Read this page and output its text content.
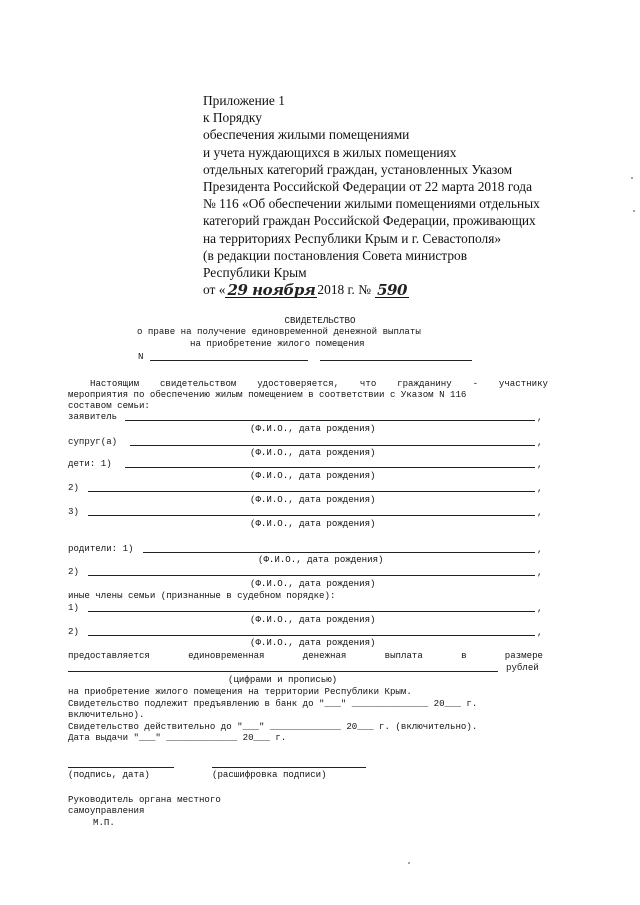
Приложение 1
к Порядку
обеспечения жилыми помещениями
и учета нуждающихся в жилых помещениях
отдельных категорий граждан, установленных Указом
Президента Российской Федерации от 22 марта 2018 года
№ 116 «Об обеспечении жилыми помещениями отдельных
категорий граждан Российской Федерации, проживающих
на территориях Республики Крым и г. Севастополя»
(в редакции постановления Совета министров
Республики Крым
от « 29 ноября 2018 г. № 590
СВИДЕТЕЛЬСТВО
о праве на получение единовременной денежной выплаты
на приобретение жилого помещения
N
Настоящим свидетельством удостоверяется, что гражданину - участнику
мероприятия по обеспечению жилым помещением в соответствии с Указом N 116
составом семьи:
заявитель	,
(Ф.И.О., дата рождения)
супруг(а)	,
(Ф.И.О., дата рождения)
дети: 1)	,
(Ф.И.О., дата рождения)
2)	,
(Ф.И.О., дата рождения)
3)	,
(Ф.И.О., дата рождения)
родители: 1)	,
(Ф.И.О., дата рождения)
2)	,
(Ф.И.О., дата рождения)
иные члены семьи (признанные в судебном порядке):
1)	,
(Ф.И.О., дата рождения)
2)	,
(Ф.И.О., дата рождения)
предоставляется	единовременная	денежная	выплата	в	размере
рублей
(цифрами и прописью)
на приобретение жилого помещения на территории Республики Крым.
Свидетельство подлежит предъявлению в банк до "___" ______________ 20___ г.
включительно).
Свидетельство действительно до "___" _____________ 20___ г. (включительно).
Дата выдачи "___" _____________ 20___ г.
(подпись, дата)	(расшифровка подписи)
Руководитель органа местного
самоуправления
М.П.
